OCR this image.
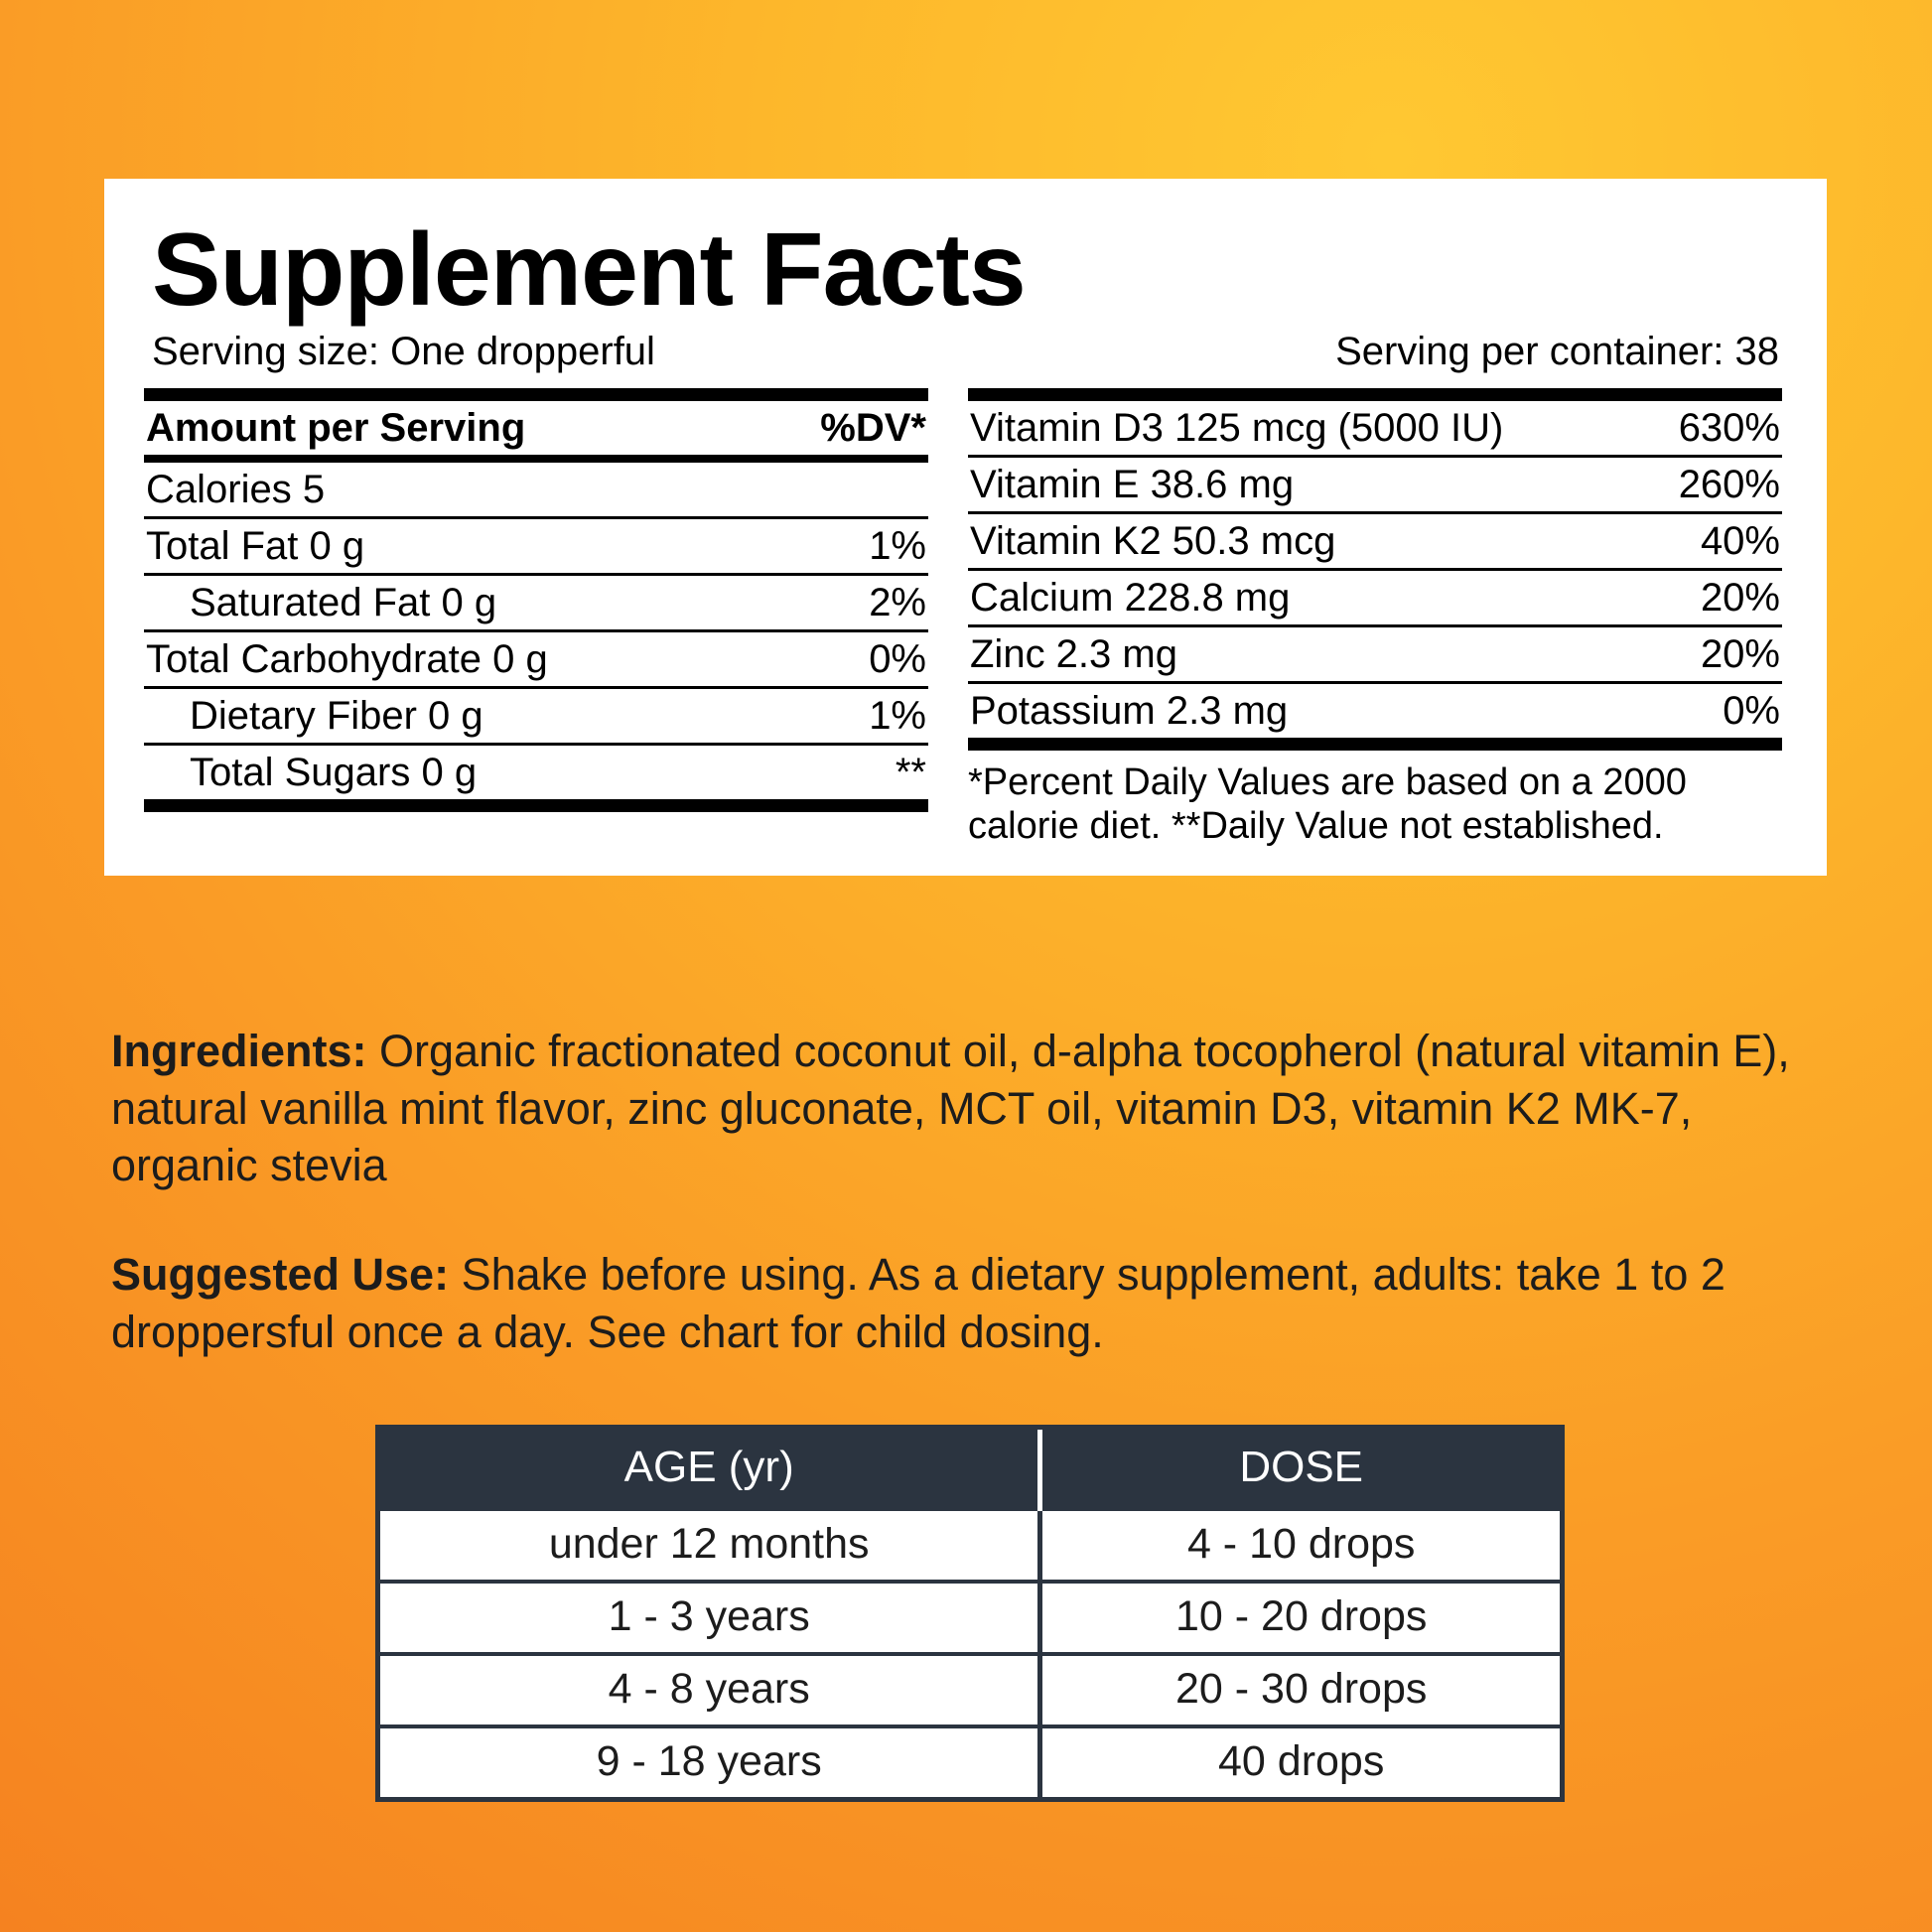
Supplement Facts
Serving size: One dropperful	Serving per container: 38
Amount per Serving	%DV*
Calories 5	
Total Fat 0 g	1%
Saturated Fat 0 g	2%
Total Carbohydrate 0 g	0%
Dietary Fiber 0 g	1%
Total Sugars 0 g	**
Vitamin D3 125 mcg (5000 IU)	630%
Vitamin E 38.6 mg	260%
Vitamin K2 50.3 mcg	40%
Calcium 228.8 mg	20%
Zinc 2.3 mg	20%
Potassium 2.3 mg	0%
*Percent Daily Values are based on a 2000 calorie diet. **Daily Value not established.
Ingredients: Organic fractionated coconut oil, d-alpha tocopherol (natural vitamin E), natural vanilla mint flavor, zinc gluconate, MCT oil, vitamin D3, vitamin K2 MK-7, organic stevia
Suggested Use: Shake before using. As a dietary supplement, adults: take 1 to 2 droppersful once a day. See chart for child dosing.
AGE (yr)	DOSE
under 12 months	4 - 10 drops
1 - 3 years	10 - 20 drops
4 - 8 years	20 - 30 drops
9 - 18 years	40 drops
